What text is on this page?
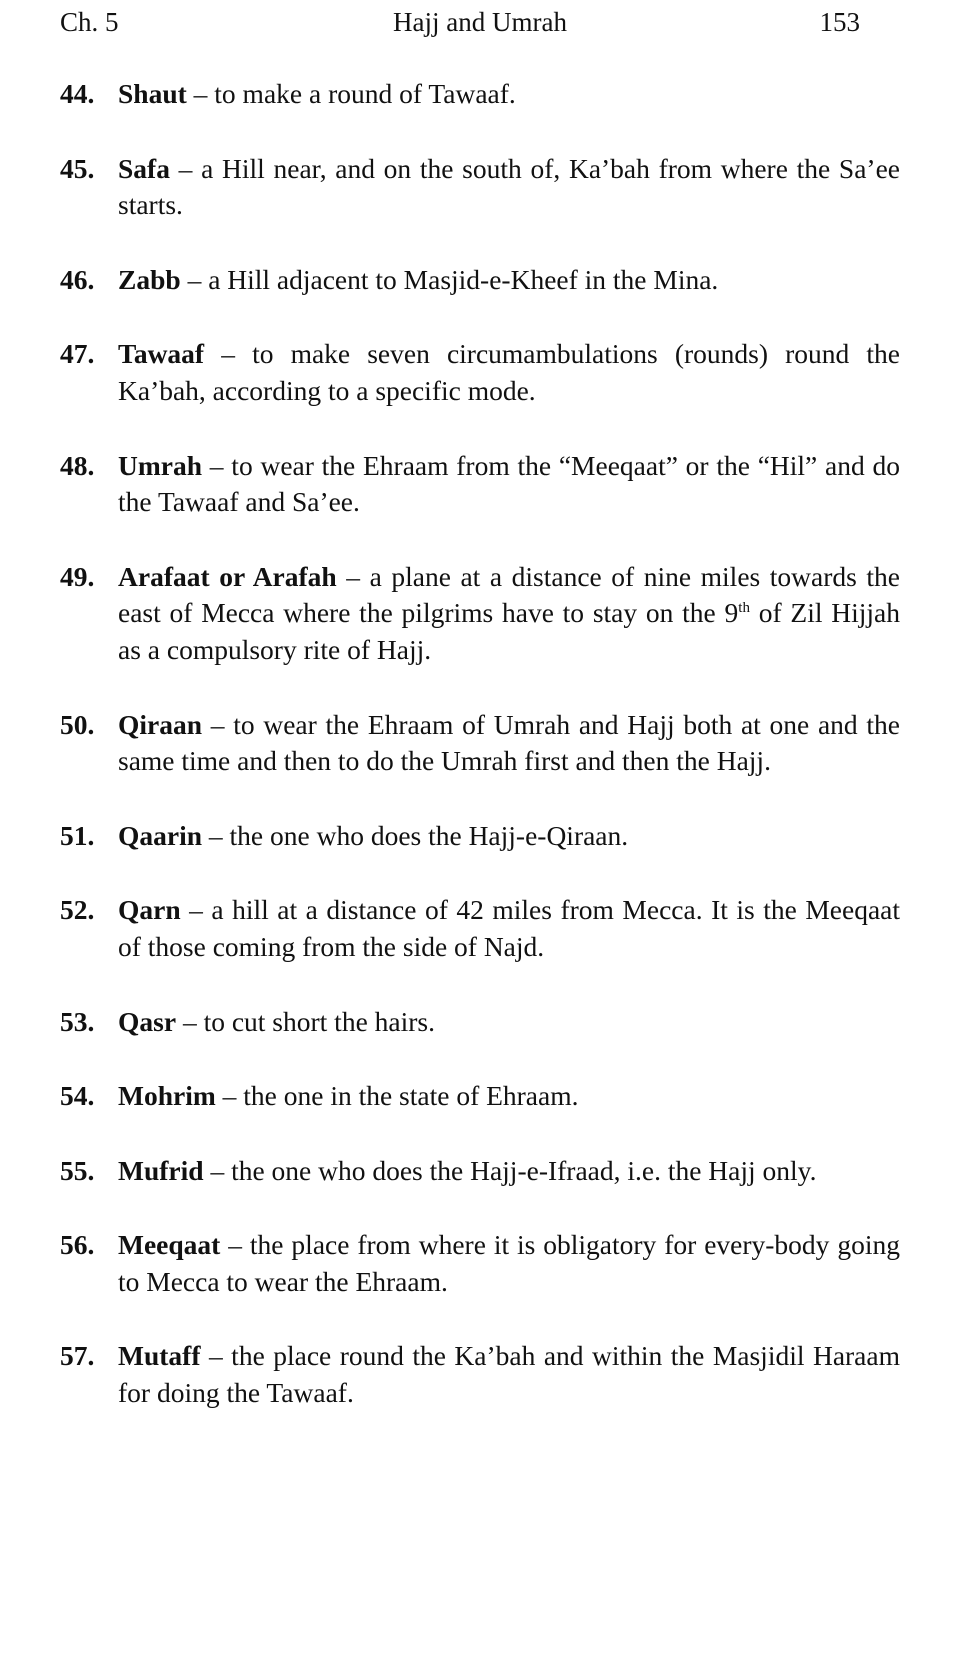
Ch. 5	Hajj and Umrah	153
44. Shaut – to make a round of Tawaaf.
45. Safa – a Hill near, and on the south of, Ka’bah from where the Sa’ee starts.
46. Zabb – a Hill adjacent to Masjid-e-Kheef in the Mina.
47. Tawaaf – to make seven circumambulations (rounds) round the Ka’bah, according to a specific mode.
48. Umrah – to wear the Ehraam from the “Meeqaat” or the “Hil” and do the Tawaaf and Sa’ee.
49. Arafaat or Arafah – a plane at a distance of nine miles towards the east of Mecca where the pilgrims have to stay on the 9th of Zil Hijjah as a compulsory rite of Hajj.
50. Qiraan – to wear the Ehraam of Umrah and Hajj both at one and the same time and then to do the Umrah first and then the Hajj.
51. Qaarin – the one who does the Hajj-e-Qiraan.
52. Qarn – a hill at a distance of 42 miles from Mecca. It is the Meeqaat of those coming from the side of Najd.
53. Qasr – to cut short the hairs.
54. Mohrim – the one in the state of Ehraam.
55. Mufrid – the one who does the Hajj-e-Ifraad, i.e. the Hajj only.
56. Meeqaat – the place from where it is obligatory for every-body going to Mecca to wear the Ehraam.
57. Mutaff – the place round the Ka’bah and within the Masjidil Haraam for doing the Tawaaf.
